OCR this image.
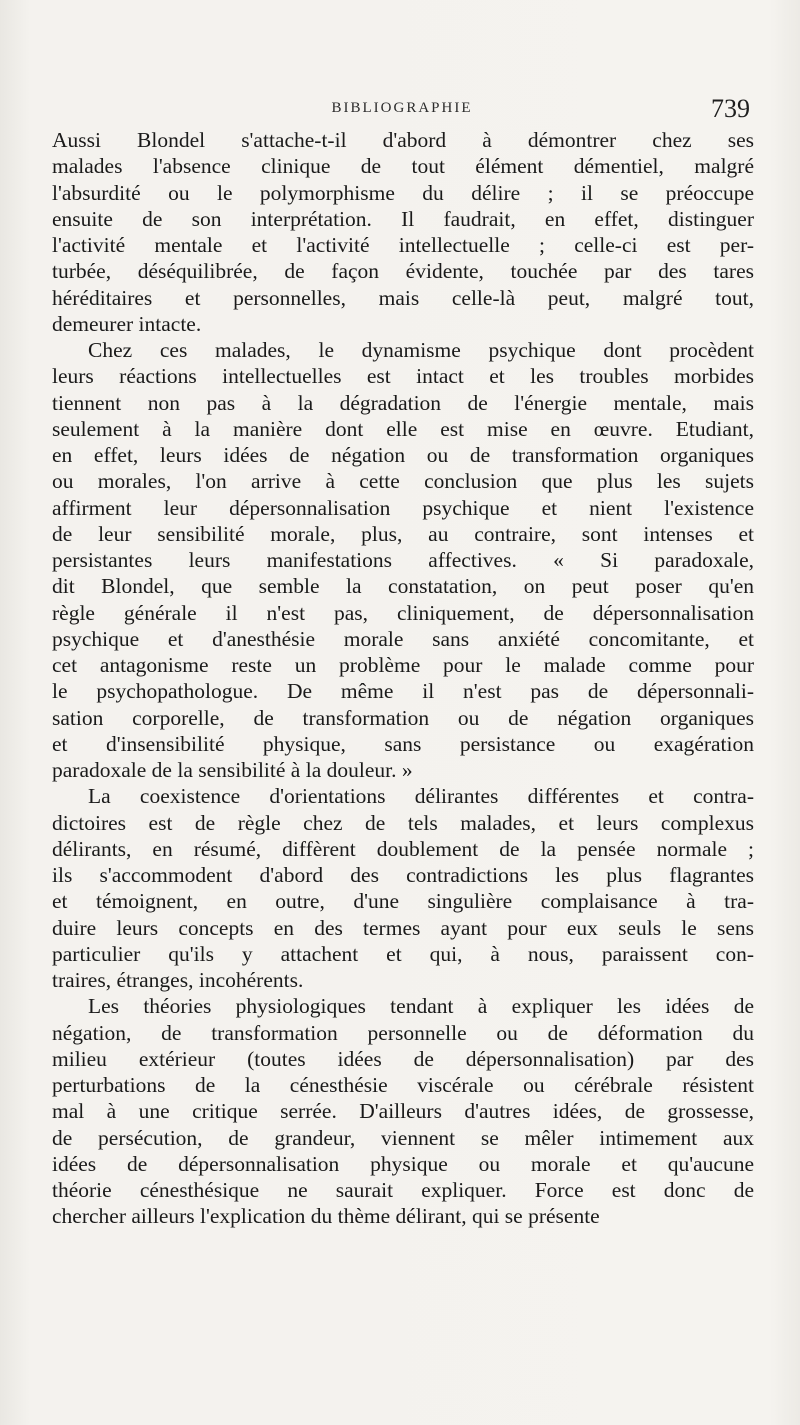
BIBLIOGRAPHIE	739

Aussi Blondel s'attache-t-il d'abord à démontrer chez ses
malades l'absence clinique de tout élément démentiel, malgré
l'absurdité ou le polymorphisme du délire ; il se préoccupe
ensuite de son interprétation. Il faudrait, en effet, distinguer
l'activité mentale et l'activité intellectuelle ; celle-ci est per-
turbée, déséquilibrée, de façon évidente, touchée par des tares
héréditaires et personnelles, mais celle-là peut, malgré tout,
demeurer intacte.

Chez ces malades, le dynamisme psychique dont procèdent
leurs réactions intellectuelles est intact et les troubles morbides
tiennent non pas à la dégradation de l'énergie mentale, mais
seulement à la manière dont elle est mise en œuvre. Etudiant,
en effet, leurs idées de négation ou de transformation organiques
ou morales, l'on arrive à cette conclusion que plus les sujets
affirment leur dépersonnalisation psychique et nient l'existence
de leur sensibilité morale, plus, au contraire, sont intenses et
persistantes leurs manifestations affectives. « Si paradoxale,
dit Blondel, que semble la constatation, on peut poser qu'en
règle générale il n'est pas, cliniquement, de dépersonnalisation
psychique et d'anesthésie morale sans anxiété concomitante, et
cet antagonisme reste un problème pour le malade comme pour
le psychopathologue. De même il n'est pas de dépersonnali-
sation corporelle, de transformation ou de négation organiques
et d'insensibilité physique, sans persistance ou exagération
paradoxale de la sensibilité à la douleur. »

La coexistence d'orientations délirantes différentes et contra-
dictoires est de règle chez de tels malades, et leurs complexus
délirants, en résumé, diffèrent doublement de la pensée normale ;
ils s'accommodent d'abord des contradictions les plus flagrantes
et témoignent, en outre, d'une singulière complaisance à tra-
duire leurs concepts en des termes ayant pour eux seuls le sens
particulier qu'ils y attachent et qui, à nous, paraissent con-
traires, étranges, incohérents.

Les théories physiologiques tendant à expliquer les idées de
négation, de transformation personnelle ou de déformation du
milieu extérieur (toutes idées de dépersonnalisation) par des
perturbations de la cénesthésie viscérale ou cérébrale résistent
mal à une critique serrée. D'ailleurs d'autres idées, de grossesse,
de persécution, de grandeur, viennent se mêler intimement aux
idées de dépersonnalisation physique ou morale et qu'aucune
théorie cénesthésique ne saurait expliquer. Force est donc de
chercher ailleurs l'explication du thème délirant, qui se présente
